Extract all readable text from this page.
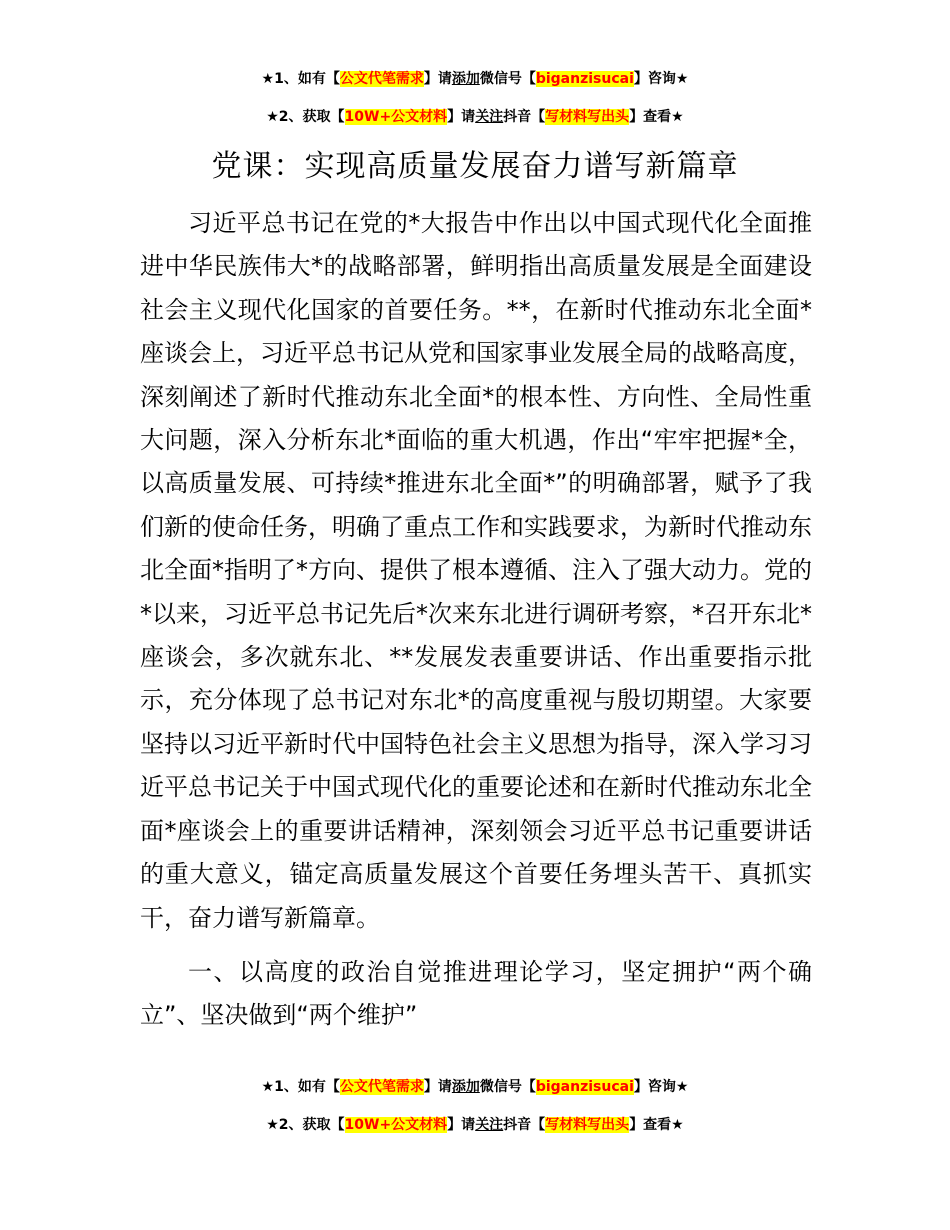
★1、如有【公文代笔需求】请添加微信号【biganzisucai】咨询★
★2、获取【10W+公文材料】请关注抖音【写材料写出头】查看★
党课：实现高质量发展奋力谱写新篇章

习近平总书记在党的*大报告中作出以中国式现代化全面推进中华民族伟大*的战略部署，鲜明指出高质量发展是全面建设社会主义现代化国家的首要任务。**，在新时代推动东北全面*座谈会上，习近平总书记从党和国家事业发展全局的战略高度，深刻阐述了新时代推动东北全面*的根本性、方向性、全局性重大问题，深入分析东北*面临的重大机遇，作出“牢牢把握*全，以高质量发展、可持续*推进东北全面*”的明确部署，赋予了我们新的使命任务，明确了重点工作和实践要求，为新时代推动东北全面*指明了*方向、提供了根本遵循、注入了强大动力。党的*以来，习近平总书记先后*次来东北进行调研考察，*召开东北*座谈会，多次就东北、**发展发表重要讲话、作出重要指示批示，充分体现了总书记对东北*的高度重视与殷切期望。大家要坚持以习近平新时代中国特色社会主义思想为指导，深入学习习近平总书记关于中国式现代化的重要论述和在新时代推动东北全面*座谈会上的重要讲话精神，深刻领会习近平总书记重要讲话的重大意义，锚定高质量发展这个首要任务埋头苦干、真抓实干，奋力谱写新篇章。

一、以高度的政治自觉推进理论学习，坚定拥护“两个确立”、坚决做到“两个维护”

★1、如有【公文代笔需求】请添加微信号【biganzisucai】咨询★
★2、获取【10W+公文材料】请关注抖音【写材料写出头】查看★
